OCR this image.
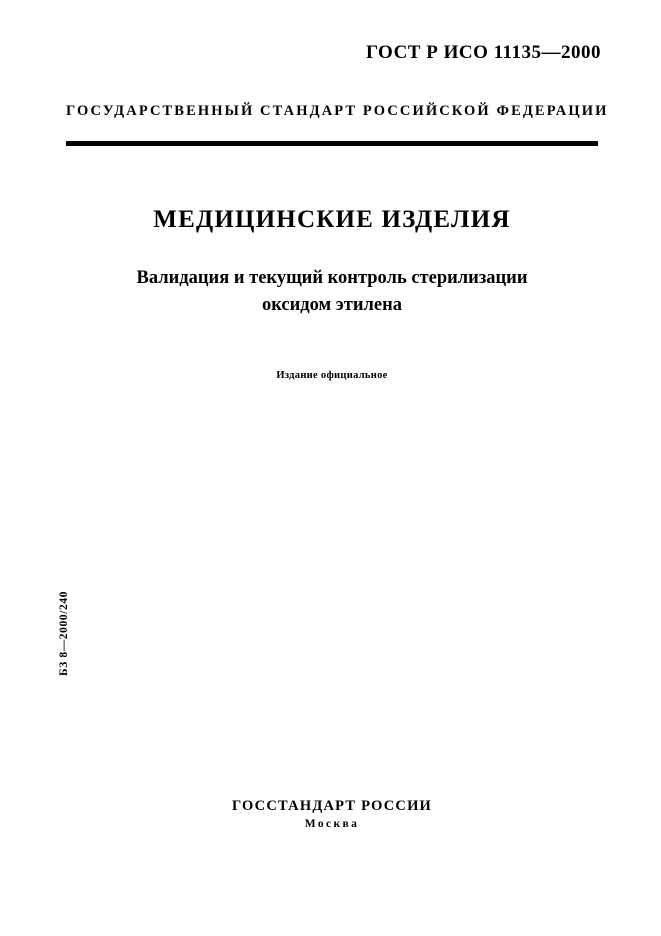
ГОСТ Р ИСО 11135—2000
ГОСУДАРСТВЕННЫЙ СТАНДАРТ РОССИЙСКОЙ ФЕДЕРАЦИИ
МЕДИЦИНСКИЕ ИЗДЕЛИЯ
Валидация и текущий контроль стерилизации
оксидом этилена
Издание официальное
БЗ 8—2000/240
ГОССТАНДАРТ РОССИИ
Москва
